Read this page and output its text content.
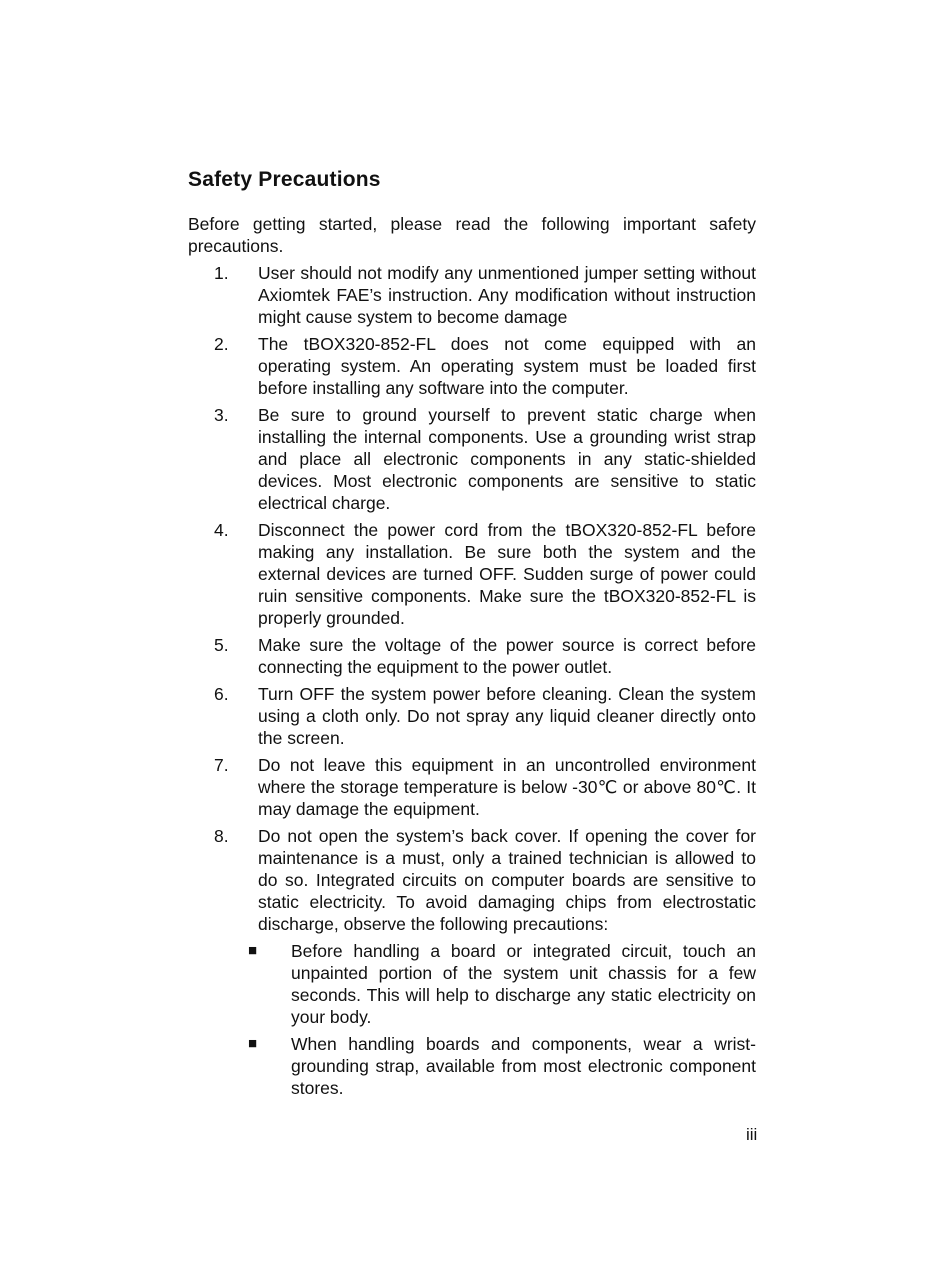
Safety Precautions

Before getting started, please read the following important safety precautions.

1.	User should not modify any unmentioned jumper setting without Axiomtek FAE’s instruction. Any modification without instruction might cause system to become damage
2.	The tBOX320-852-FL does not come equipped with an operating system. An operating system must be loaded first before installing any software into the computer.
3.	Be sure to ground yourself to prevent static charge when installing the internal components. Use a grounding wrist strap and place all electronic components in any static-shielded devices. Most electronic components are sensitive to static electrical charge.
4.	Disconnect the power cord from the tBOX320-852-FL before making any installation. Be sure both the system and the external devices are turned OFF. Sudden surge of power could ruin sensitive components. Make sure the tBOX320-852-FL is properly grounded.
5.	Make sure the voltage of the power source is correct before connecting the equipment to the power outlet.
6.	Turn OFF the system power before cleaning. Clean the system using a cloth only. Do not spray any liquid cleaner directly onto the screen.
7.	Do not leave this equipment in an uncontrolled environment where the storage temperature is below -30℃ or above 80℃. It may damage the equipment.
8.	Do not open the system’s back cover. If opening the cover for maintenance is a must, only a trained technician is allowed to do so. Integrated circuits on computer boards are sensitive to static electricity. To avoid damaging chips from electrostatic discharge, observe the following precautions:
■	Before handling a board or integrated circuit, touch an unpainted portion of the system unit chassis for a few seconds. This will help to discharge any static electricity on your body.
■	When handling boards and components, wear a wrist-grounding strap, available from most electronic component stores.
iii
